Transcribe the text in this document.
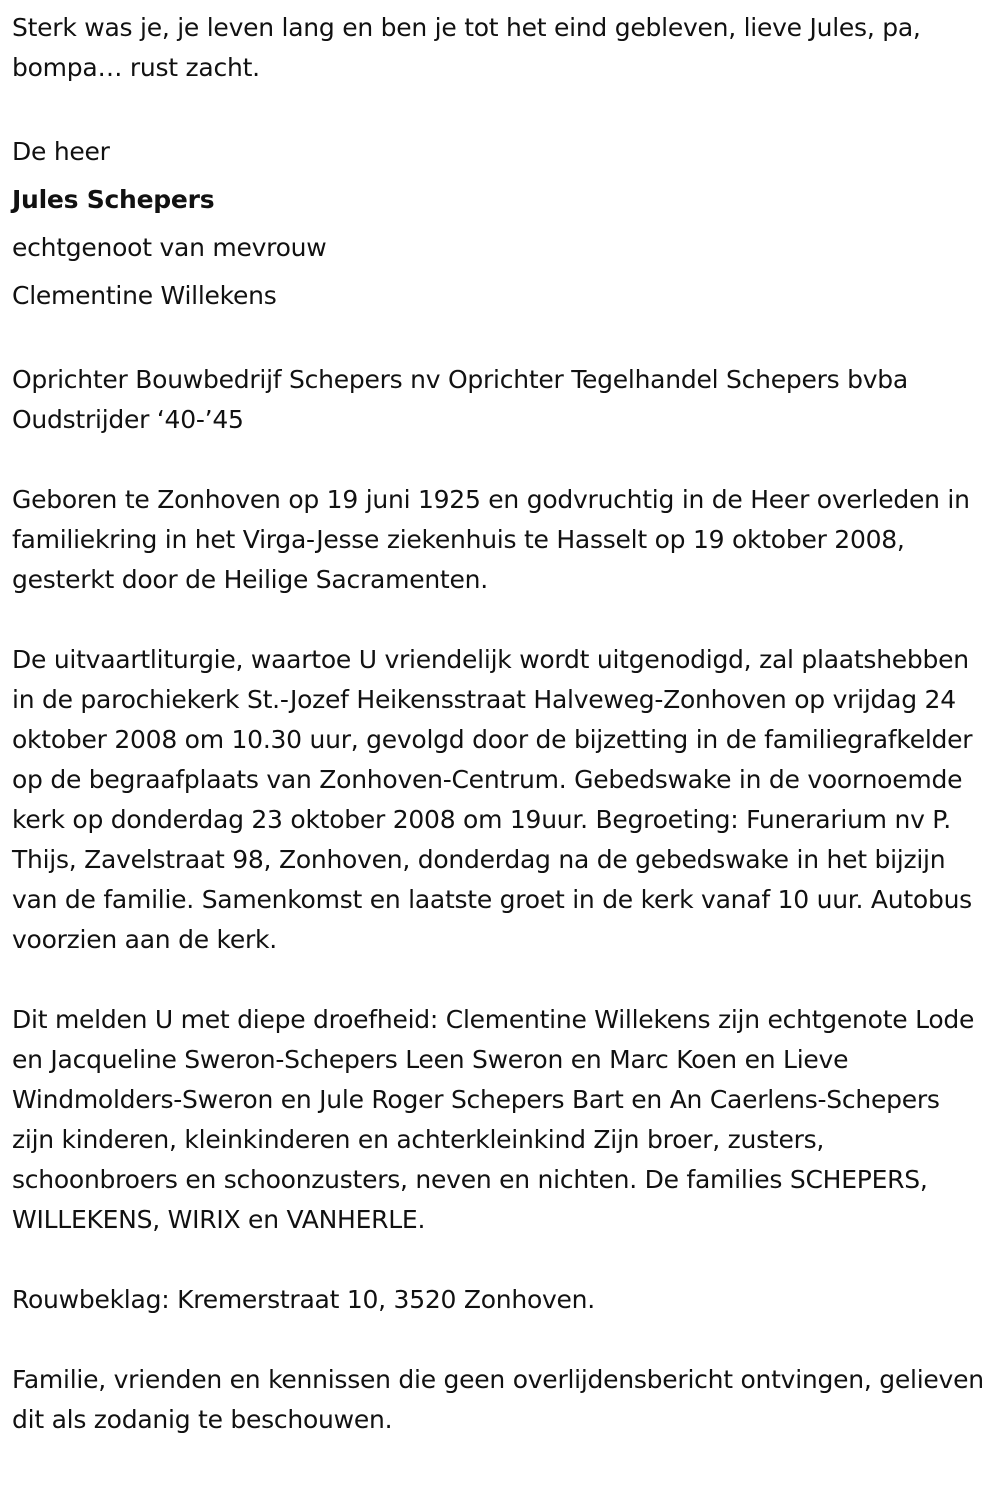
Sterk was je, je leven lang en ben je tot het eind gebleven, lieve Jules, pa, bompa… rust zacht.

De heer

Jules Schepers

echtgenoot van mevrouw

Clementine Willekens

Oprichter Bouwbedrijf Schepers nv Oprichter Tegelhandel Schepers bvba Oudstrijder ‘40-’45

Geboren te Zonhoven op 19 juni 1925 en godvruchtig in de Heer overleden in familiekring in het Virga-Jesse ziekenhuis te Hasselt op 19 oktober 2008, gesterkt door de Heilige Sacramenten.

De uitvaartliturgie, waartoe U vriendelijk wordt uitgenodigd, zal plaatshebben in de parochiekerk St.-Jozef Heikensstraat Halveweg-Zonhoven op vrijdag 24 oktober 2008 om 10.30 uur, gevolgd door de bijzetting in de familiegrafkelder op de begraafplaats van Zonhoven-Centrum. Gebedswake in de voornoemde kerk op donderdag 23 oktober 2008 om 19uur. Begroeting: Funerarium nv P. Thijs, Zavelstraat 98, Zonhoven, donderdag na de gebedswake in het bijzijn van de familie. Samenkomst en laatste groet in de kerk vanaf 10 uur. Autobus voorzien aan de kerk.

Dit melden U met diepe droefheid: Clementine Willekens zijn echtgenote Lode en Jacqueline Sweron-Schepers Leen Sweron en Marc Koen en Lieve Windmolders-Sweron en Jule Roger Schepers Bart en An Caerlens-Schepers zijn kinderen, kleinkinderen en achterkleinkind Zijn broer, zusters, schoonbroers en schoonzusters, neven en nichten. De families SCHEPERS, WILLEKENS, WIRIX en VANHERLE.

Rouwbeklag: Kremerstraat 10, 3520 Zonhoven.

Familie, vrienden en kennissen die geen overlijdensbericht ontvingen, gelieven dit als zodanig te beschouwen.
